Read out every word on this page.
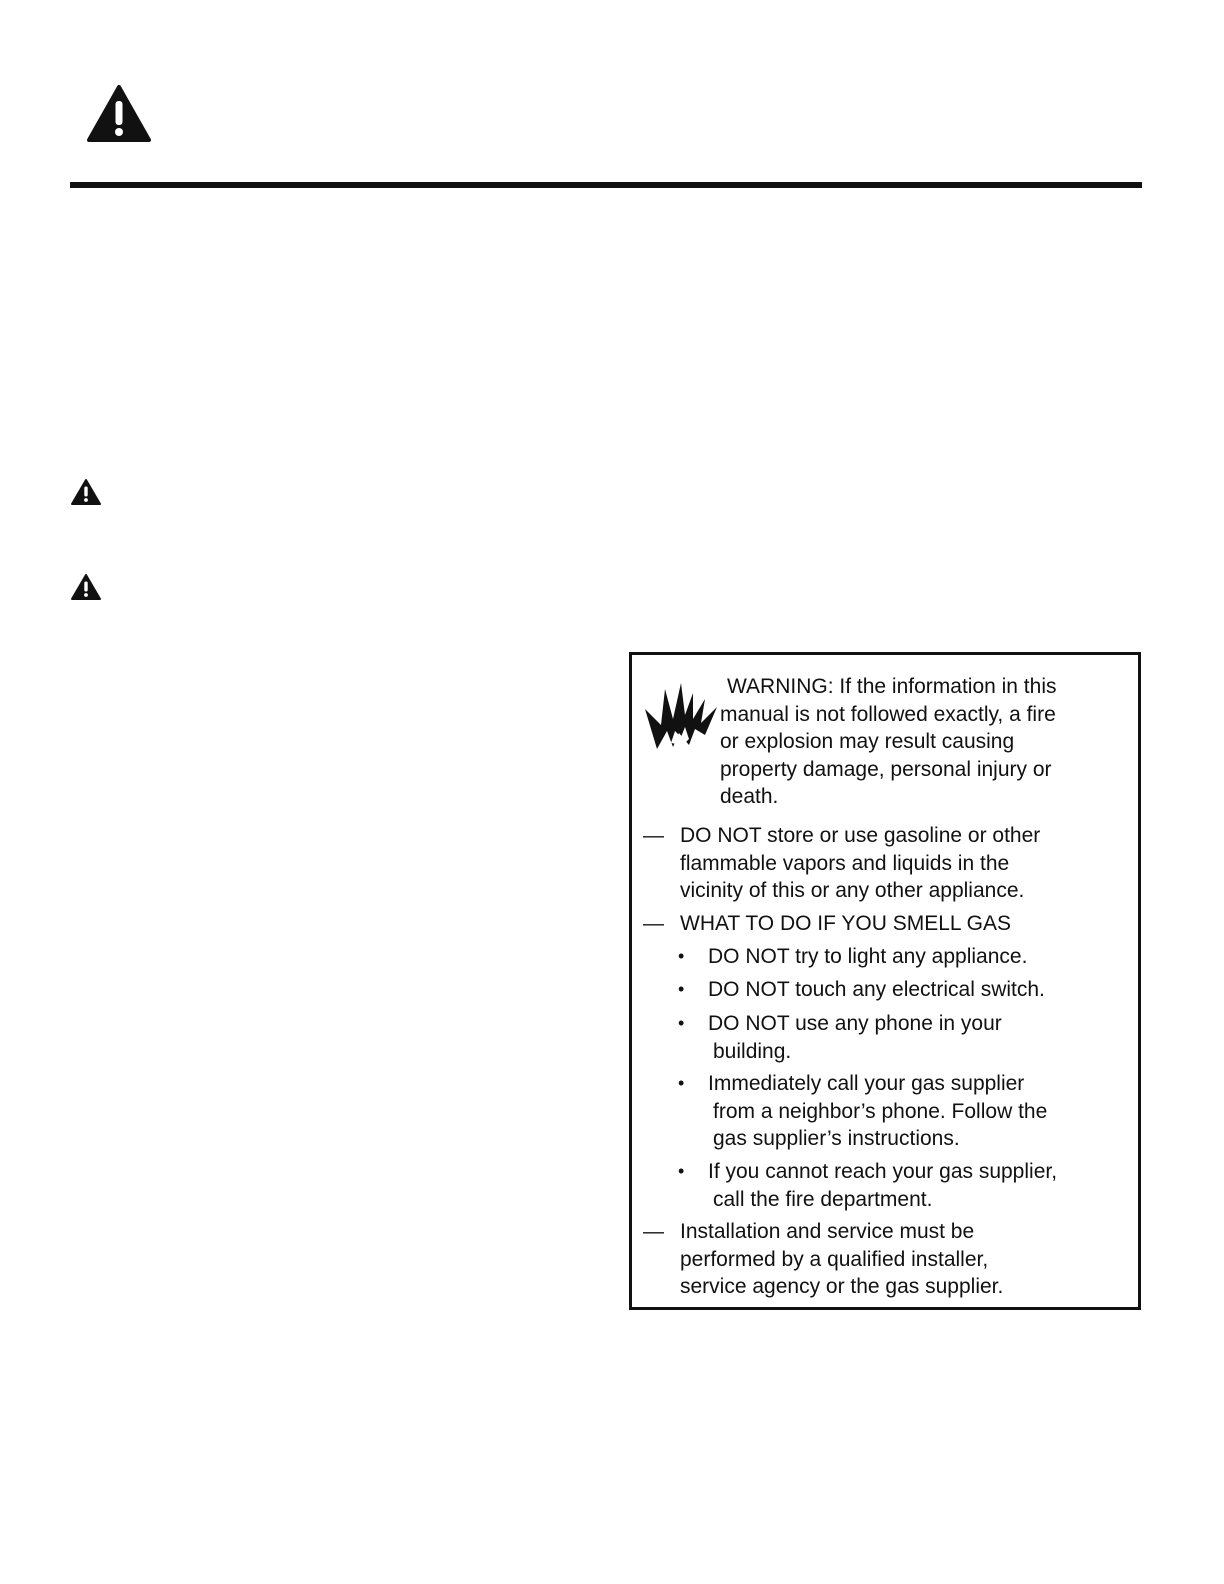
WARNING: If the information in this
manual is not followed exactly, a fire
or explosion may result causing
property damage, personal injury or
death.
— DO NOT store or use gasoline or other
flammable vapors and liquids in the
vicinity of this or any other appliance.
— WHAT TO DO IF YOU SMELL GAS
•	DO NOT try to light any appliance.
•	DO NOT touch any electrical switch.
•	DO NOT use any phone in your
building.
•	Immediately call your gas supplier
from a neighbor’s phone. Follow the
gas supplier’s instructions.
•	If you cannot reach your gas supplier,
call the fire department.
— Installation and service must be
performed by a qualified installer,
service agency or the gas supplier.
